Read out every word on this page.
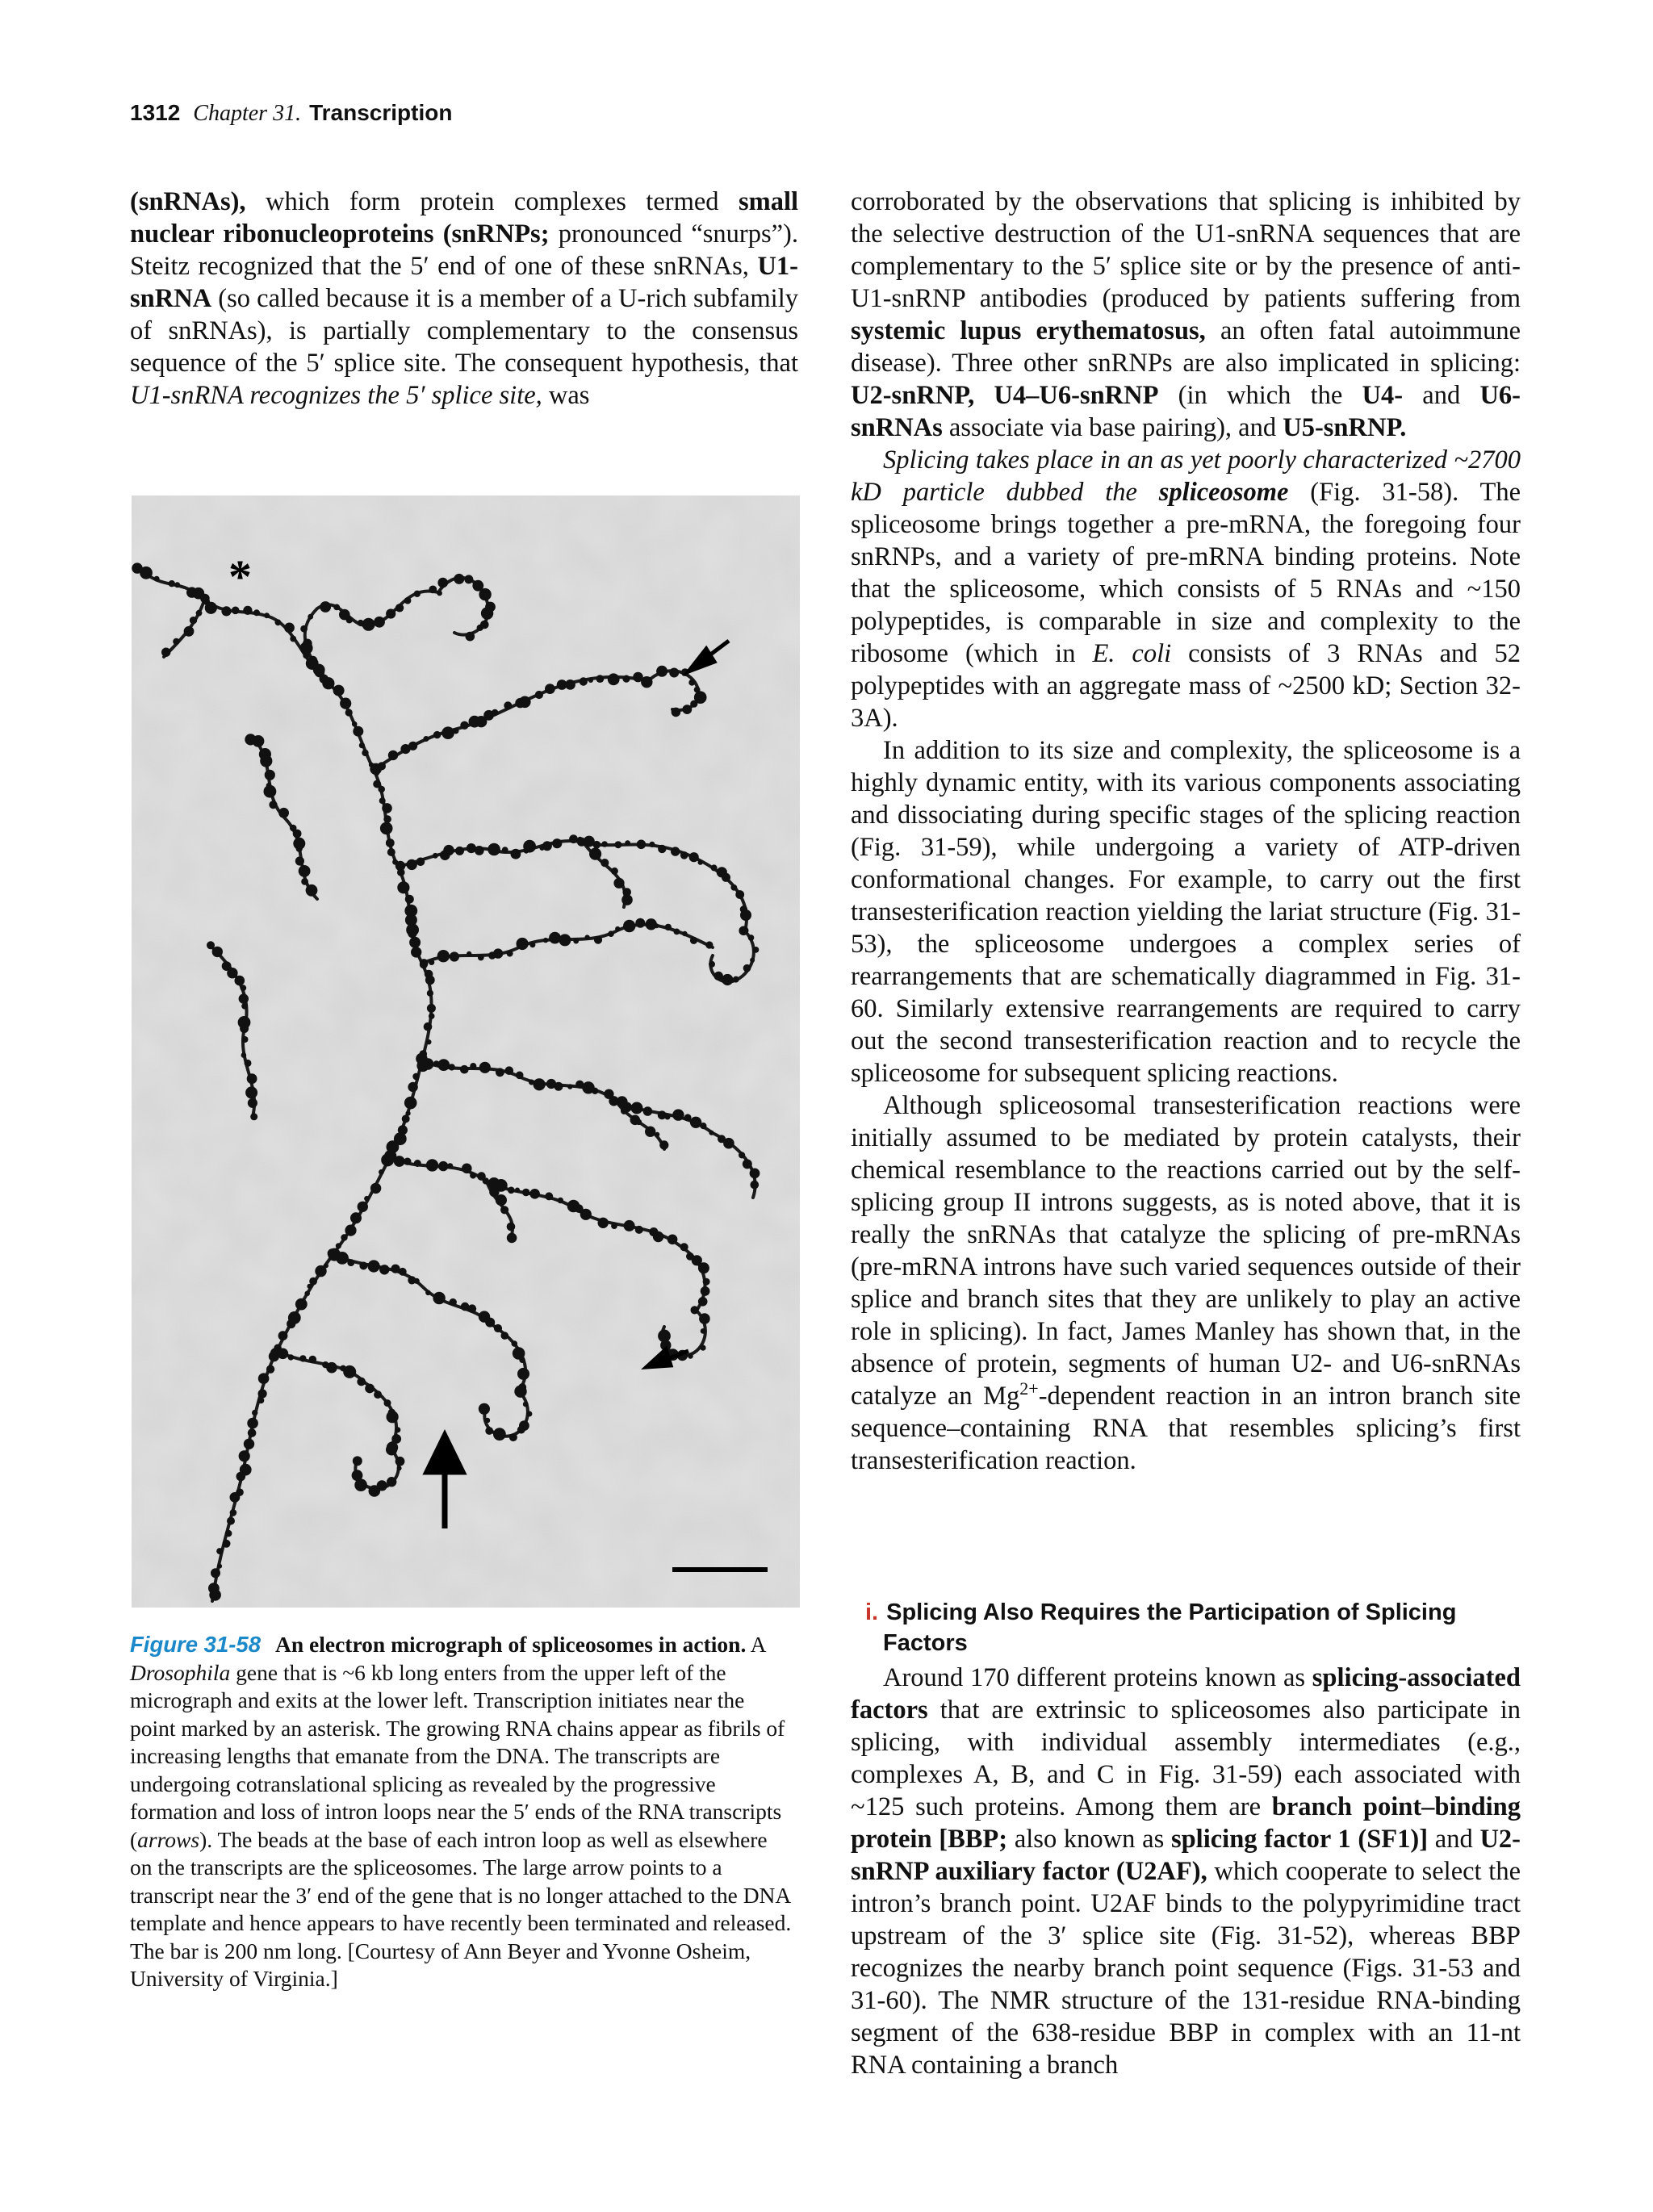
1312 Chapter 31. Transcription

(snRNAs), which form protein complexes termed small nuclear ribonucleoproteins (snRNPs; pronounced “snurps”). Steitz recognized that the 5′ end of one of these snRNAs, U1-snRNA (so called because it is a member of a U-rich subfamily of snRNAs), is partially complementary to the consensus sequence of the 5′ splice site. The consequent hypothesis, that U1-snRNA recognizes the 5′ splice site, was

*
Figure 31-58 An electron micrograph of spliceosomes in action. A Drosophila gene that is ~6 kb long enters from the upper left of the micrograph and exits at the lower left. Transcription initiates near the point marked by an asterisk. The growing RNA chains appear as fibrils of increasing lengths that emanate from the DNA. The transcripts are undergoing cotranslational splicing as revealed by the progressive formation and loss of intron loops near the 5′ ends of the RNA transcripts (arrows). The beads at the base of each intron loop as well as elsewhere on the transcripts are the spliceosomes. The large arrow points to a transcript near the 3′ end of the gene that is no longer attached to the DNA template and hence appears to have recently been terminated and released. The bar is 200 nm long. [Courtesy of Ann Beyer and Yvonne Osheim, University of Virginia.]

corroborated by the observations that splicing is inhibited by the selective destruction of the U1-snRNA sequences that are complementary to the 5′ splice site or by the presence of anti-U1-snRNP antibodies (produced by patients suffering from systemic lupus erythematosus, an often fatal autoimmune disease). Three other snRNPs are also implicated in splicing: U2-snRNP, U4–U6-snRNP (in which the U4- and U6-snRNAs associate via base pairing), and U5-snRNP.

Splicing takes place in an as yet poorly characterized ~2700 kD particle dubbed the spliceosome (Fig. 31-58). The spliceosome brings together a pre-mRNA, the foregoing four snRNPs, and a variety of pre-mRNA binding proteins. Note that the spliceosome, which consists of 5 RNAs and ~150 polypeptides, is comparable in size and complexity to the ribosome (which in E. coli consists of 3 RNAs and 52 polypeptides with an aggregate mass of ~2500 kD; Section 32-3A).

In addition to its size and complexity, the spliceosome is a highly dynamic entity, with its various components associating and dissociating during specific stages of the splicing reaction (Fig. 31-59), while undergoing a variety of ATP-driven conformational changes. For example, to carry out the first transesterification reaction yielding the lariat structure (Fig. 31-53), the spliceosome undergoes a complex series of rearrangements that are schematically diagrammed in Fig. 31-60. Similarly extensive rearrangements are required to carry out the second transesterification reaction and to recycle the spliceosome for subsequent splicing reactions.

Although spliceosomal transesterification reactions were initially assumed to be mediated by protein catalysts, their chemical resemblance to the reactions carried out by the self-splicing group II introns suggests, as is noted above, that it is really the snRNAs that catalyze the splicing of pre-mRNAs (pre-mRNA introns have such varied sequences outside of their splice and branch sites that they are unlikely to play an active role in splicing). In fact, James Manley has shown that, in the absence of protein, segments of human U2- and U6-snRNAs catalyze an $Mg^{2+}$-dependent reaction in an intron branch site sequence–containing RNA that resembles splicing’s first transesterification reaction.

i. Splicing Also Requires the Participation of Splicing Factors

Around 170 different proteins known as splicing-associated factors that are extrinsic to spliceosomes also participate in splicing, with individual assembly intermediates (e.g., complexes A, B, and C in Fig. 31-59) each associated with ~125 such proteins. Among them are branch point–binding protein [BBP; also known as splicing factor 1 (SF1)] and U2-snRNP auxiliary factor (U2AF), which cooperate to select the intron’s branch point. U2AF binds to the polypyrimidine tract upstream of the 3′ splice site (Fig. 31-52), whereas BBP recognizes the nearby branch point sequence (Figs. 31-53 and 31-60). The NMR structure of the 131-residue RNA-binding segment of the 638-residue BBP in complex with an 11-nt RNA containing a branch
